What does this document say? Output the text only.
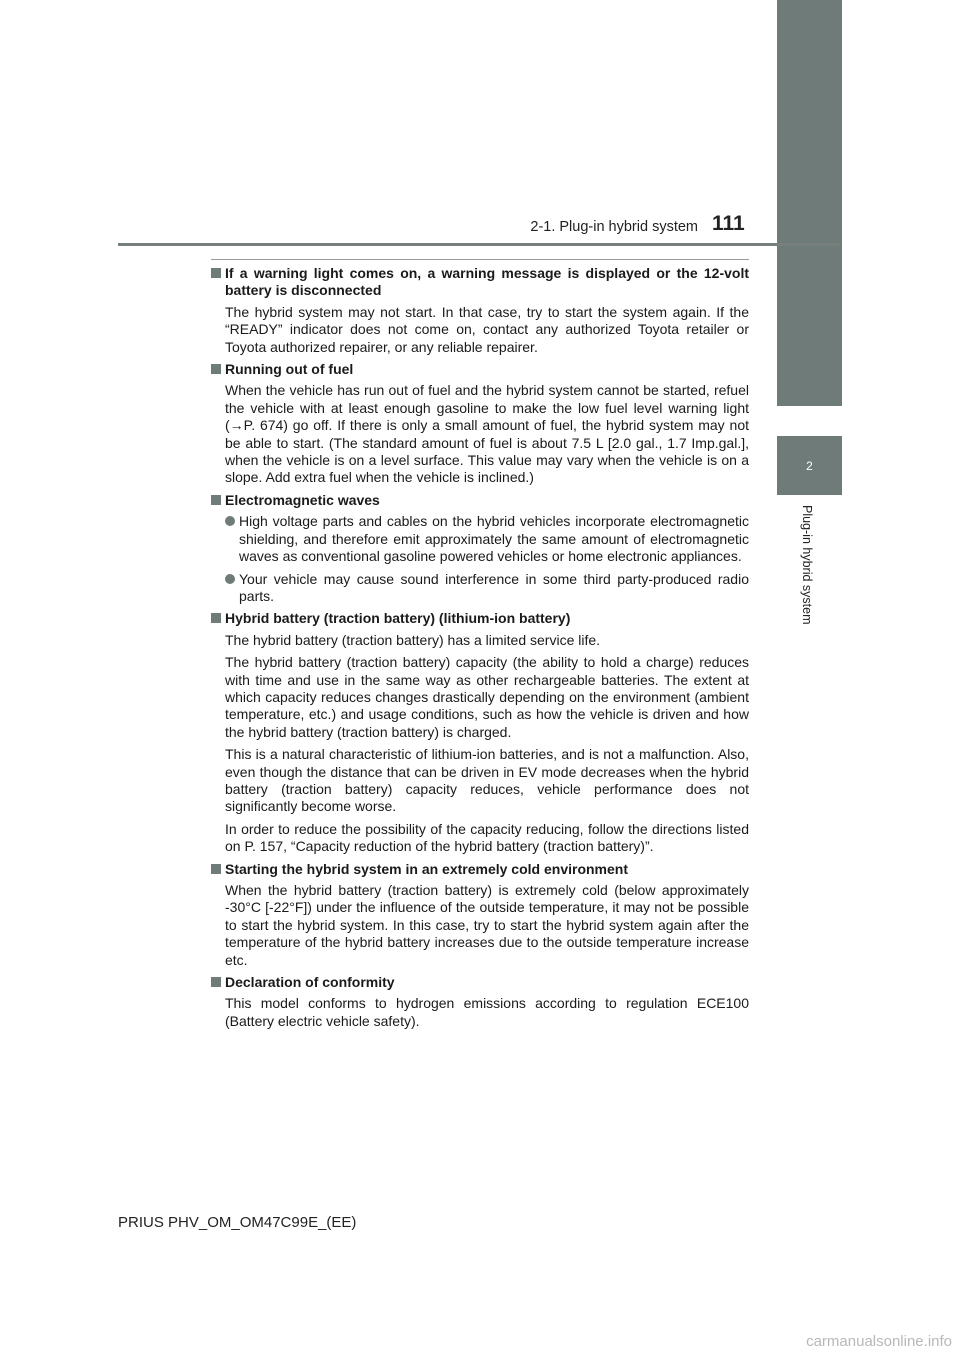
2
Plug-in hybrid system
2-1. Plug-in hybrid system 111
If a warning light comes on, a warning message is displayed or the 12-volt battery is disconnected

The hybrid system may not start. In that case, try to start the system again. If the “READY” indicator does not come on, contact any authorized Toyota retailer or Toyota authorized repairer, or any reliable repairer.

Running out of fuel

When the vehicle has run out of fuel and the hybrid system cannot be started, refuel the vehicle with at least enough gasoline to make the low fuel level warning light (→P. 674) go off. If there is only a small amount of fuel, the hybrid system may not be able to start. (The standard amount of fuel is about 7.5 L [2.0 gal., 1.7 Imp.gal.], when the vehicle is on a level surface. This value may vary when the vehicle is on a slope. Add extra fuel when the vehicle is inclined.)

Electromagnetic waves
High voltage parts and cables on the hybrid vehicles incorporate electromagnetic shielding, and therefore emit approximately the same amount of electromagnetic waves as conventional gasoline powered vehicles or home electronic appliances.
Your vehicle may cause sound interference in some third party-produced radio parts.
Hybrid battery (traction battery) (lithium-ion battery)

The hybrid battery (traction battery) has a limited service life.

The hybrid battery (traction battery) capacity (the ability to hold a charge) reduces with time and use in the same way as other rechargeable batteries. The extent at which capacity reduces changes drastically depending on the environment (ambient temperature, etc.) and usage conditions, such as how the vehicle is driven and how the hybrid battery (traction battery) is charged.

This is a natural characteristic of lithium-ion batteries, and is not a malfunction. Also, even though the distance that can be driven in EV mode decreases when the hybrid battery (traction battery) capacity reduces, vehicle performance does not significantly become worse.

In order to reduce the possibility of the capacity reducing, follow the directions listed on P. 157, “Capacity reduction of the hybrid battery (traction battery)”.

Starting the hybrid system in an extremely cold environment

When the hybrid battery (traction battery) is extremely cold (below approximately -30°C [-22°F]) under the influence of the outside temperature, it may not be possible to start the hybrid system. In this case, try to start the hybrid system again after the temperature of the hybrid battery increases due to the outside temperature increase etc.

Declaration of conformity

This model conforms to hydrogen emissions according to regulation ECE100 (Battery electric vehicle safety).

PRIUS PHV_OM_OM47C99E_(EE)
carmanualsonline.info
